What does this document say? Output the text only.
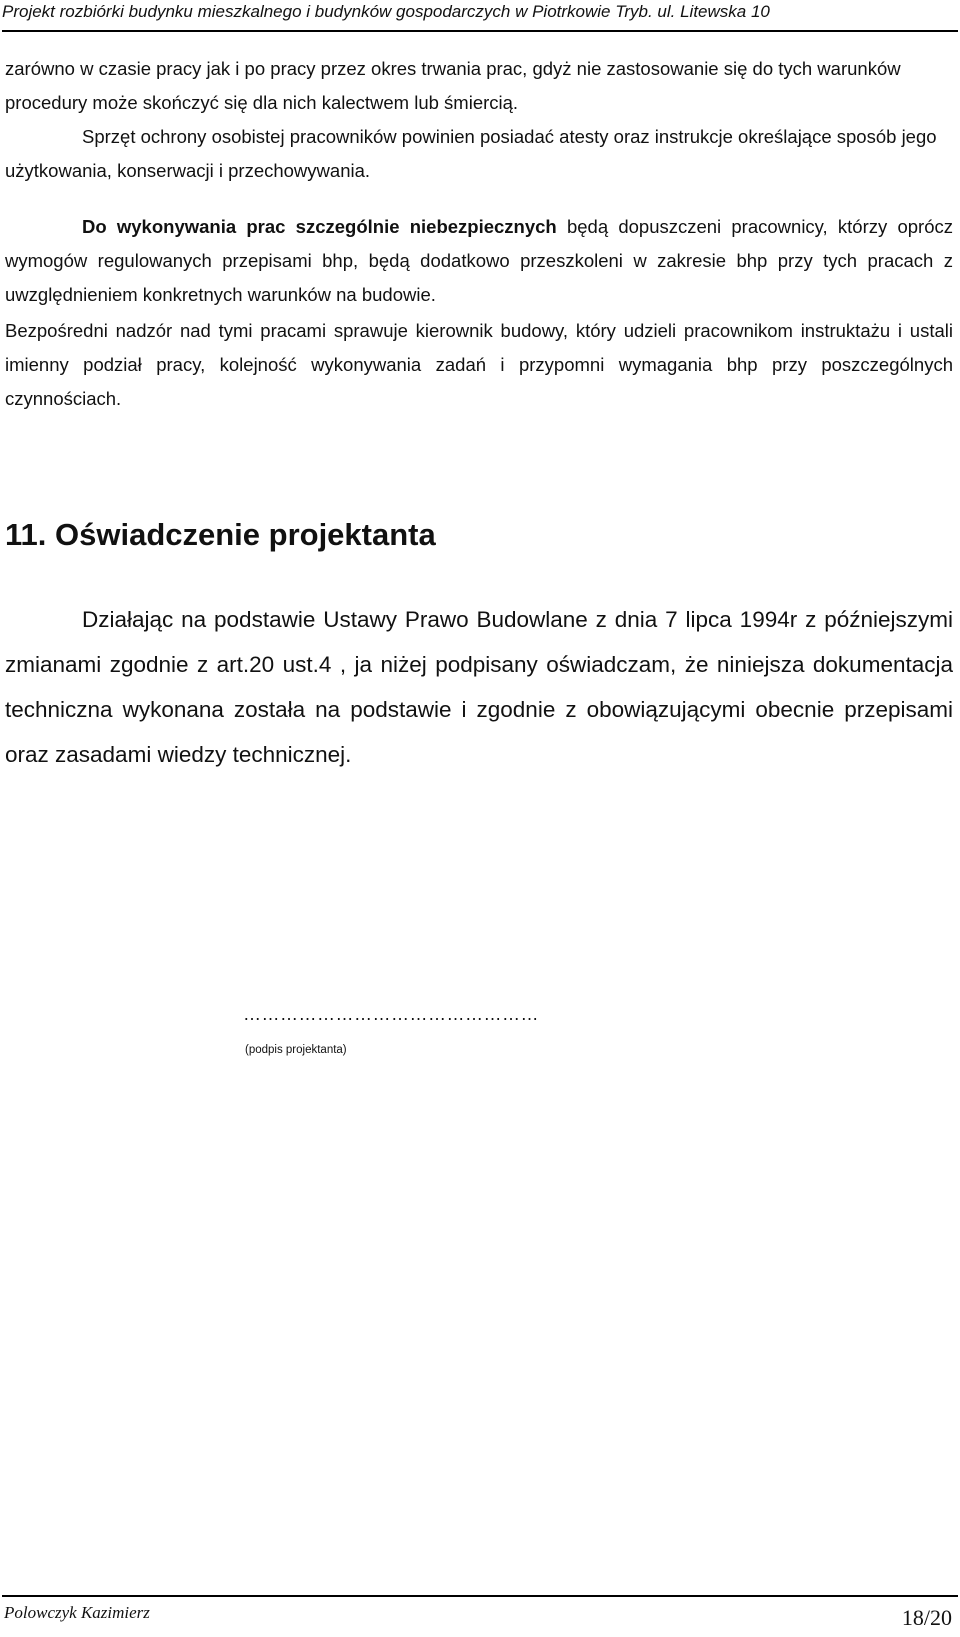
Projekt rozbiórki budynku mieszkalnego i budynków gospodarczych w Piotrkowie Tryb. ul. Litewska 10

zarówno w czasie pracy jak i po pracy przez okres trwania prac, gdyż nie zastosowanie się do tych warunków procedury może skończyć się dla nich kalectwem lub śmiercią.

Sprzęt ochrony osobistej pracowników powinien posiadać atesty oraz instrukcje określające sposób jego użytkowania, konserwacji i przechowywania.

Do wykonywania prac szczególnie niebezpiecznych będą dopuszczeni pracownicy, którzy oprócz wymogów regulowanych przepisami bhp, będą dodatkowo przeszkoleni w zakresie bhp przy tych pracach z uwzględnieniem konkretnych warunków na budowie.

Bezpośredni nadzór nad tymi pracami sprawuje kierownik budowy, który udzieli pracownikom instruktażu i ustali imienny podział pracy, kolejność wykonywania zadań i przypomni wymagania bhp przy poszczególnych czynnościach.

11. Oświadczenie projektanta

Działając na podstawie Ustawy Prawo Budowlane z dnia 7 lipca 1994r z późniejszymi zmianami zgodnie z art.20 ust.4 , ja niżej podpisany oświadczam, że niniejsza dokumentacja techniczna wykonana została na podstawie i zgodnie z obowiązującymi obecnie przepisami oraz zasadami wiedzy technicznej.

…………………………………………
(podpis projektanta)
Polowczyk Kazimierz	18/20
